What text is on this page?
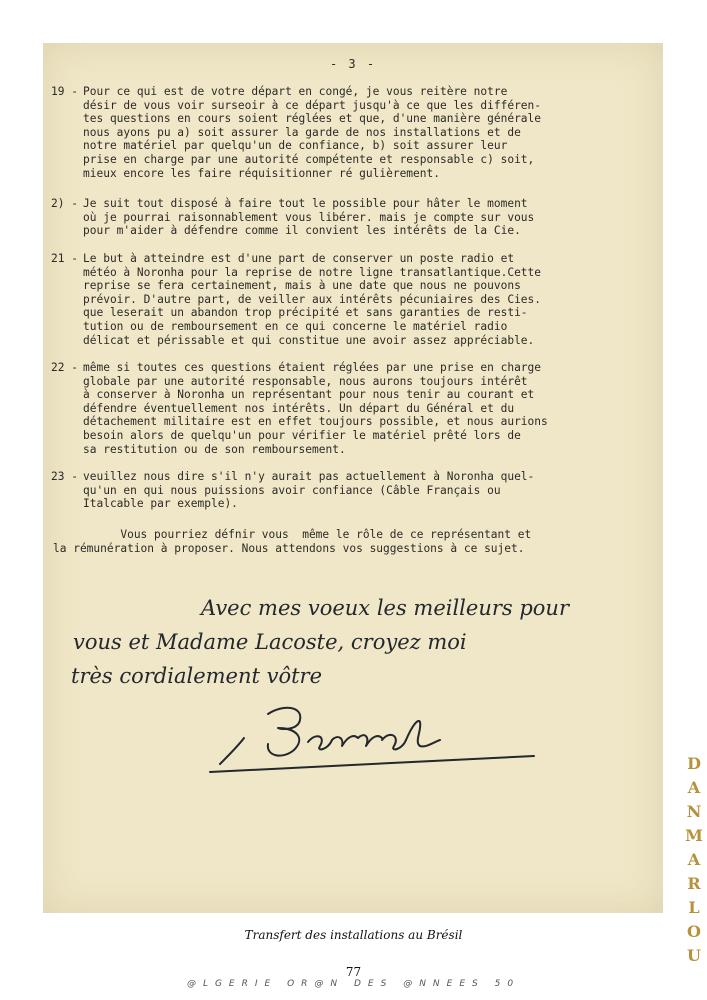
- 3 -
19 - Pour ce qui est de votre départ en congé, je vous reitère notre
désir de vous voir surseoir à ce départ jusqu'à ce que les différen-
tes questions en cours soient réglées et que, d'une manière générale
nous ayons pu a) soit assurer la garde de nos installations et de
notre matériel par quelqu'un de confiance, b) soit assurer leur
prise en charge par une autorité compétente et responsable c) soit,
mieux encore les faire réquisitionner ré gulièrement.
2) - Je suit tout disposé à faire tout le possible pour hâter le moment
où je pourrai raisonnablement vous libérer. mais je compte sur vous
pour m'aider à défendre comme il convient les intérêts de la Cie.
21 - Le but à atteindre est d'une part de conserver un poste radio et
météo à Noronha pour la reprise de notre ligne transatlantique.Cette
reprise se fera certainement, mais à une date que nous ne pouvons
prévoir. D'autre part, de veiller aux intérêts pécuniaires des Cies.
que leserait un abandon trop précipité et sans garanties de resti-
tution ou de remboursement en ce qui concerne le matériel radio
délicat et périssable et qui constitue une avoir assez appréciable.
22 - même si toutes ces questions étaient réglées par une prise en charge
globale par une autorité responsable, nous aurons toujours intérêt
à conserver à Noronha un représentant pour nous tenir au courant et
défendre éventuellement nos intérêts. Un départ du Général et du
détachement militaire est en effet toujours possible, et nous aurions
besoin alors de quelqu'un pour vérifier le matériel prêté lors de
sa restitution ou de son remboursement.
23 - veuillez nous dire s'il n'y aurait pas actuellement à Noronha quel-
qu'un en qui nous puissions avoir confiance (Câble Français ou
Italcable par exemple).
Vous pourriez défnir vous  même le rôle de ce représentant et
la rémunération à proposer. Nous attendons vos suggestions à ce sujet.
Avec mes voeux les meilleurs pour
vous et Madame Lacoste, croyez moi
très cordialement vôtre
Transfert des installations au Brésil
77
@LGERIE OR@N DES @NNEES 50
D
A
N
M
A
R
L
O
U
